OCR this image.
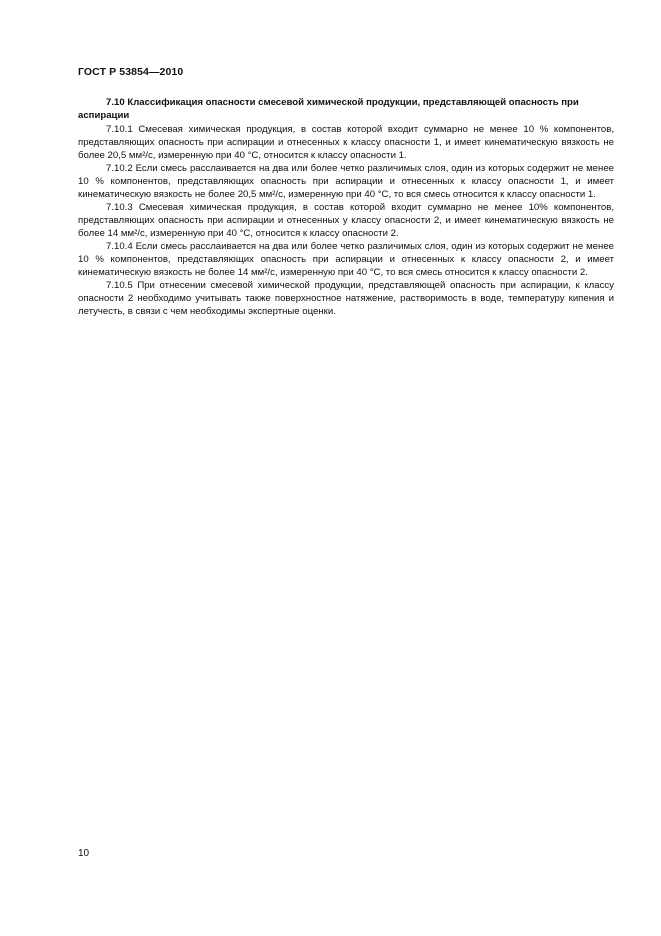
ГОСТ Р 53854—2010

7.10 Классификация опасности смесевой химической продукции, представляющей опасность при аспирации

7.10.1 Смесевая химическая продукция, в состав которой входит суммарно не менее 10 % компонентов, представляющих опасность при аспирации и отнесенных к классу опасности 1, и имеет кинематическую вязкость не более 20,5 мм²/с, измеренную при 40 °С, относится к классу опасности 1.

7.10.2 Если смесь расслаивается на два или более четко различимых слоя, один из которых содержит не менее 10 % компонентов, представляющих опасность при аспирации и отнесенных к классу опасности 1, и имеет кинематическую вязкость не более 20,5 мм²/с, измеренную при 40 °С, то вся смесь относится к классу опасности 1.

7.10.3 Смесевая химическая продукция, в состав которой входит суммарно не менее 10% компонентов, представляющих опасность при аспирации и отнесенных у классу опасности 2, и имеет кинематическую вязкость не более 14 мм²/с, измеренную при 40 °С, относится к классу опасности 2.

7.10.4 Если смесь расслаивается на два или более четко различимых слоя, один из которых содержит не менее 10 % компонентов, представляющих опасность при аспирации и отнесенных к классу опасности 2, и имеет кинематическую вязкость не более 14 мм²/с, измеренную при 40 °С, то вся смесь относится к классу опасности 2.

7.10.5 При отнесении смесевой химической продукции, представляющей опасность при аспирации, к классу опасности 2 необходимо учитывать также поверхностное натяжение, растворимость в воде, температуру кипения и летучесть, в связи с чем необходимы экспертные оценки.

10
